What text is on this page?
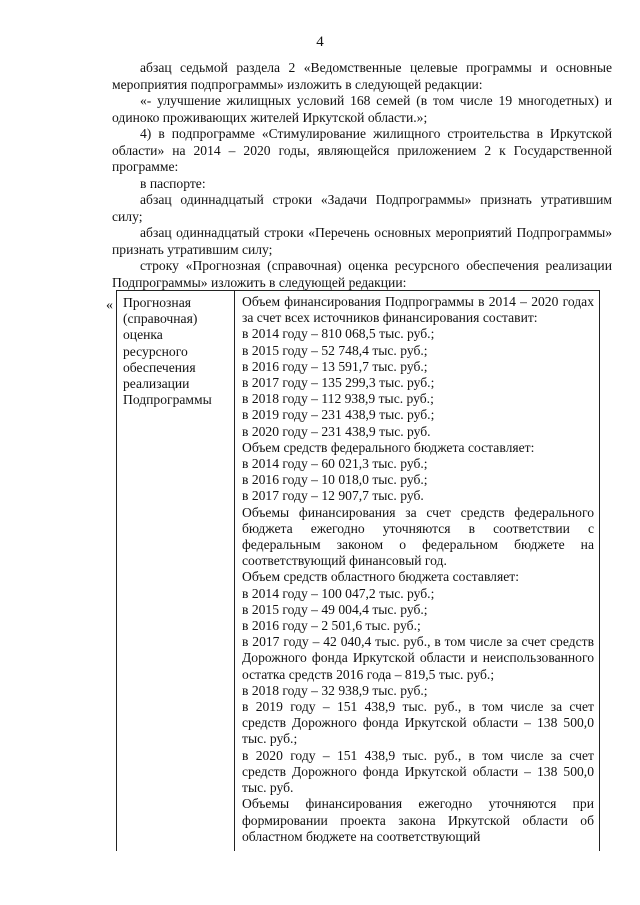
4

абзац седьмой раздела 2 «Ведомственные целевые программы и основные мероприятия подпрограммы» изложить в следующей редакции:

«- улучшение жилищных условий 168 семей (в том числе 19 многодетных) и одиноко проживающих жителей Иркутской области.»;

4) в подпрограмме «Стимулирование жилищного строительства в Иркутской области» на 2014 – 2020 годы, являющейся приложением 2 к Государственной программе:

в паспорте:

абзац одиннадцатый строки «Задачи Подпрограммы» признать утратившим силу;

абзац одиннадцатый строки «Перечень основных мероприятий Подпрограммы» признать утратившим силу;

строку «Прогнозная (справочная) оценка ресурсного обеспечения реализации Подпрограммы» изложить в следующей редакции:

« Прогнозная
(справочная)
оценка
ресурсного
обеспечения
реализации
Подпрограммы

Объем финансирования Подпрограммы в 2014 – 2020 годах за счет всех источников финансирования составит:

в 2014 году – 810 068,5 тыс. руб.;

в 2015 году – 52 748,4 тыс. руб.;

в 2016 году – 13 591,7 тыс. руб.;

в 2017 году – 135 299,3 тыс. руб.;

в 2018 году – 112 938,9 тыс. руб.;

в 2019 году – 231 438,9 тыс. руб.;

в 2020 году – 231 438,9 тыс. руб.

Объем средств федерального бюджета составляет:

в 2014 году – 60 021,3 тыс. руб.;

в 2016 году – 10 018,0 тыс. руб.;

в 2017 году – 12 907,7 тыс. руб.

Объемы финансирования за счет средств федерального бюджета ежегодно уточняются в соответствии с федеральным законом о федеральном бюджете на соответствующий финансовый год.

Объем средств областного бюджета составляет:

в 2014 году – 100 047,2 тыс. руб.;

в 2015 году – 49 004,4 тыс. руб.;

в 2016 году – 2 501,6 тыс. руб.;

в 2017 году – 42 040,4 тыс. руб., в том числе за счет средств Дорожного фонда Иркутской области и неиспользованного остатка средств 2016 года – 819,5 тыс. руб.;

в 2018 году – 32 938,9 тыс. руб.;

в 2019 году – 151 438,9 тыс. руб., в том числе за счет средств Дорожного фонда Иркутской области – 138 500,0 тыс. руб.;

в 2020 году – 151 438,9 тыс. руб., в том числе за счет средств Дорожного фонда Иркутской области – 138 500,0 тыс. руб.

Объемы финансирования ежегодно уточняются при формировании проекта закона Иркутской области об областном бюджете на соответствующий
